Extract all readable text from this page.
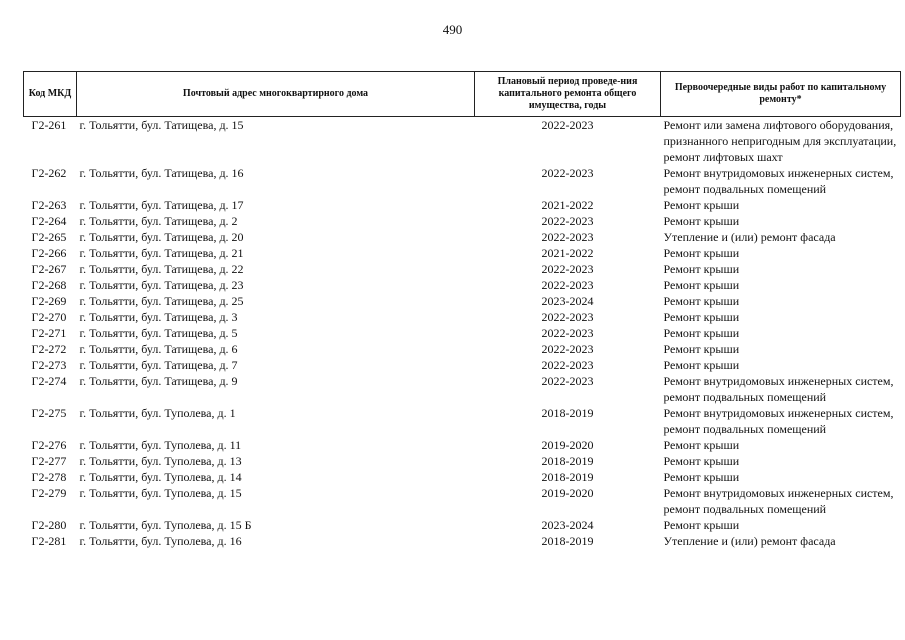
490
Код МКД	Почтовый адрес многоквартирного дома	Плановый период проведе-ния капитального ремонта общего имущества, годы	Первоочередные виды работ по капитальному ремонту*
Г2-261	г. Тольятти, бул. Татищева, д. 15	2022-2023	Ремонт или замена лифтового оборудования, признанного непригодным для эксплуатации, ремонт лифтовых шахт
Г2-262	г. Тольятти, бул. Татищева, д. 16	2022-2023	Ремонт внутридомовых инженерных систем, ремонт подвальных помещений
Г2-263	г. Тольятти, бул. Татищева, д. 17	2021-2022	Ремонт крыши
Г2-264	г. Тольятти, бул. Татищева, д. 2	2022-2023	Ремонт крыши
Г2-265	г. Тольятти, бул. Татищева, д. 20	2022-2023	Утепление и (или) ремонт фасада
Г2-266	г. Тольятти, бул. Татищева, д. 21	2021-2022	Ремонт крыши
Г2-267	г. Тольятти, бул. Татищева, д. 22	2022-2023	Ремонт крыши
Г2-268	г. Тольятти, бул. Татищева, д. 23	2022-2023	Ремонт крыши
Г2-269	г. Тольятти, бул. Татищева, д. 25	2023-2024	Ремонт крыши
Г2-270	г. Тольятти, бул. Татищева, д. 3	2022-2023	Ремонт крыши
Г2-271	г. Тольятти, бул. Татищева, д. 5	2022-2023	Ремонт крыши
Г2-272	г. Тольятти, бул. Татищева, д. 6	2022-2023	Ремонт крыши
Г2-273	г. Тольятти, бул. Татищева, д. 7	2022-2023	Ремонт крыши
Г2-274	г. Тольятти, бул. Татищева, д. 9	2022-2023	Ремонт внутридомовых инженерных систем, ремонт подвальных помещений
Г2-275	г. Тольятти, бул. Туполева, д. 1	2018-2019	Ремонт внутридомовых инженерных систем, ремонт подвальных помещений
Г2-276	г. Тольятти, бул. Туполева, д. 11	2019-2020	Ремонт крыши
Г2-277	г. Тольятти, бул. Туполева, д. 13	2018-2019	Ремонт крыши
Г2-278	г. Тольятти, бул. Туполева, д. 14	2018-2019	Ремонт крыши
Г2-279	г. Тольятти, бул. Туполева, д. 15	2019-2020	Ремонт внутридомовых инженерных систем, ремонт подвальных помещений
Г2-280	г. Тольятти, бул. Туполева, д. 15 Б	2023-2024	Ремонт крыши
Г2-281	г. Тольятти, бул. Туполева, д. 16	2018-2019	Утепление и (или) ремонт фасада
